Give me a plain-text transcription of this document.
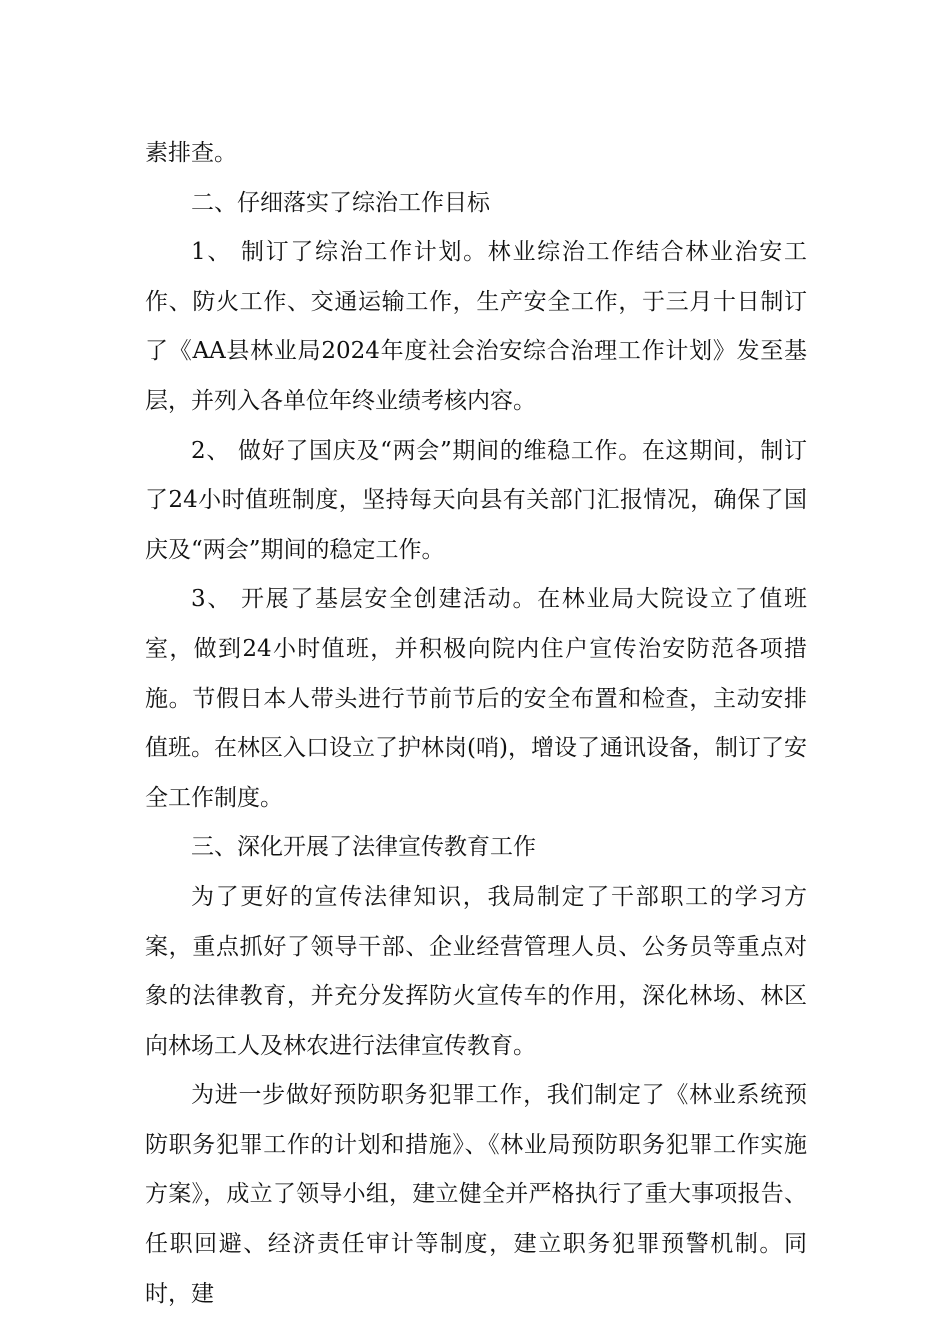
素排查。

二、仔细落实了综治工作目标

1、 制订了综治工作计划。林业综治工作结合林业治安工作、防火工作、交通运输工作，生产安全工作，于三月十日制订了《AA县林业局2024年度社会治安综合治理工作计划》发至基层，并列入各单位年终业绩考核内容。

2、 做好了国庆及“两会”期间的维稳工作。在这期间，制订了24小时值班制度，坚持每天向县有关部门汇报情况，确保了国庆及“两会”期间的稳定工作。

3、 开展了基层安全创建活动。在林业局大院设立了值班室，做到24小时值班，并积极向院内住户宣传治安防范各项措施。节假日本人带头进行节前节后的安全布置和检查，主动安排值班。在林区入口设立了护林岗(哨)，增设了通讯设备，制订了安全工作制度。

三、深化开展了法律宣传教育工作

为了更好的宣传法律知识，我局制定了干部职工的学习方案，重点抓好了领导干部、企业经营管理人员、公务员等重点对象的法律教育，并充分发挥防火宣传车的作用，深化林场、林区向林场工人及林农进行法律宣传教育。

为进一步做好预防职务犯罪工作，我们制定了《林业系统预防职务犯罪工作的计划和措施》、《林业局预防职务犯罪工作实施方案》，成立了领导小组，建立健全并严格执行了重大事项报告、任职回避、经济责任审计等制度，建立职务犯罪预警机制。同时，建
